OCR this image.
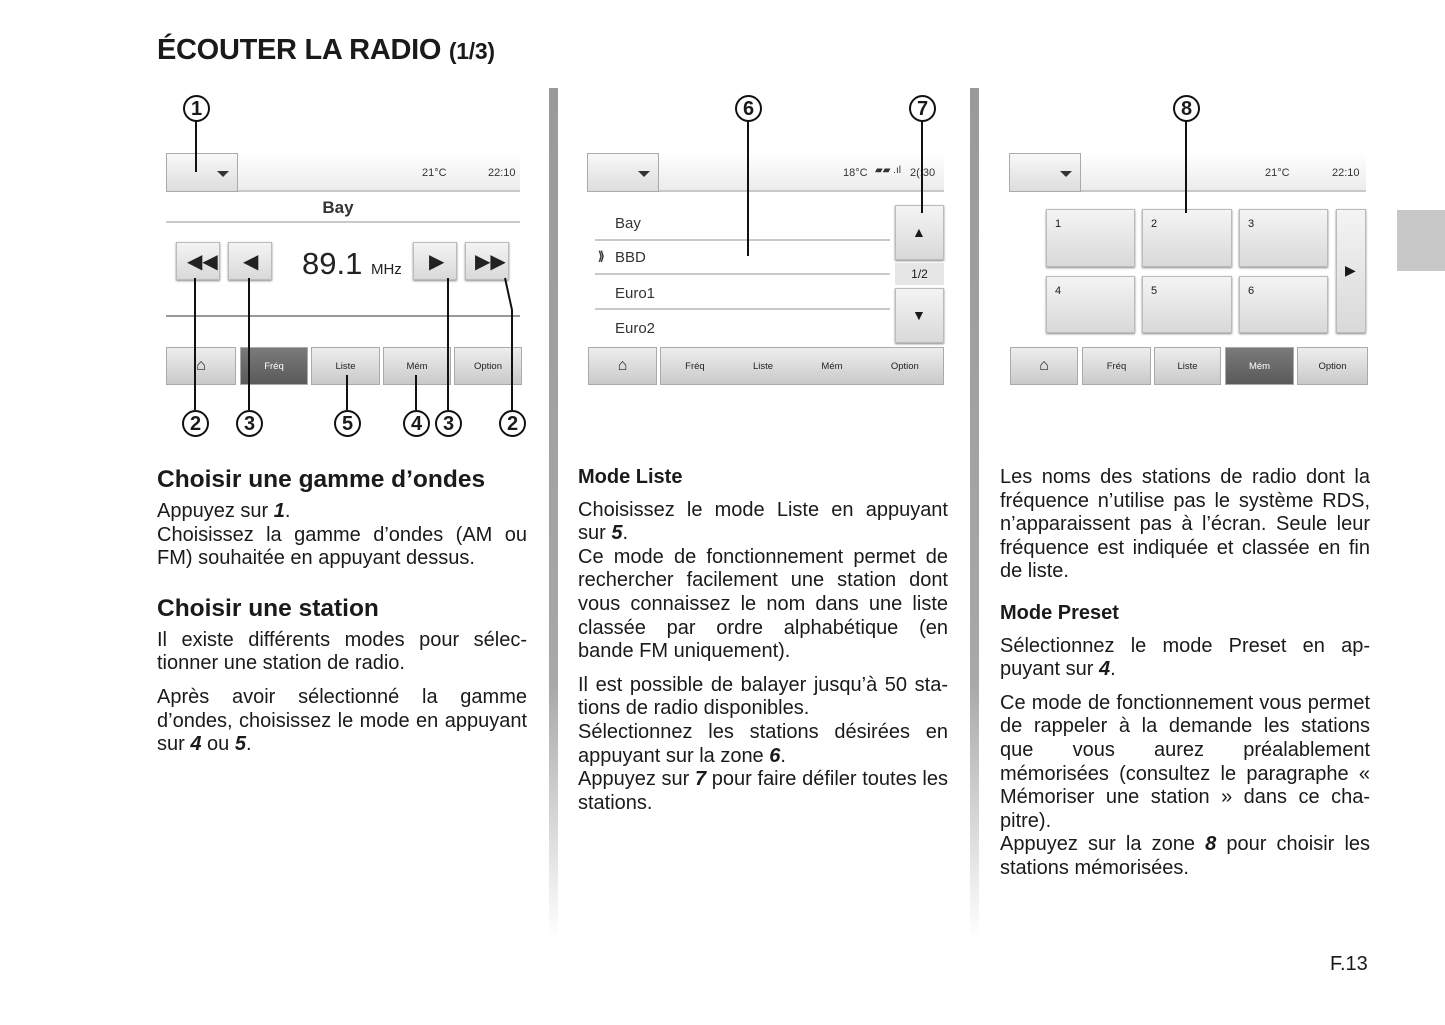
ÉCOUTER LA RADIO (1/3)
21°C	22:10
Bay
◀◀ ◀ 89.1 MHz ▶ ▶▶
⌂	Fréq	Liste	Mém	Option
18°C ▰▰ .ıl 2(:30
Bay
⟫ BBD
Euro1
Euro2
▲
1/2
▼
⌂	Fréq	Liste	Mém	Option
21°C	22:10
1	2	3
4	5	6
▶
⌂	Fréq	Liste	Mém	Option
1	6	7	8
2	3	5	4	3	2
Choisir une gamme d’ondes

Appuyez sur 1.

Choisissez la gamme d’ondes (AM ou FM) souhaitée en appuyant dessus.

Choisir une station

Il existe différents modes pour sélectionner une station de radio.

Après avoir sélectionné la gamme d’ondes, choisissez le mode en appuyant sur 4 ou 5.

Mode Liste

Choisissez le mode Liste en appuyant sur 5.

Ce mode de fonctionnement permet de rechercher facilement une station dont vous connaissez le nom dans une liste classée par ordre alphabétique (en bande FM uniquement).

Il est possible de balayer jusqu’à 50 stations de radio disponibles.

Sélectionnez les stations désirées en appuyant sur la zone 6.

Appuyez sur 7 pour faire défiler toutes les stations.

Les noms des stations de radio dont la fréquence n’utilise pas le système RDS, n’apparaissent pas à l’écran. Seule leur fréquence est indiquée et classée en fin de liste.

Mode Preset

Sélectionnez le mode Preset en appuyant sur 4.

Ce mode de fonctionnement vous permet de rappeler à la demande les stations que vous aurez préalablement mémorisées (consultez le paragraphe « Mémoriser une station » dans ce chapitre).

Appuyez sur la zone 8 pour choisir les stations mémorisées.

F.13
